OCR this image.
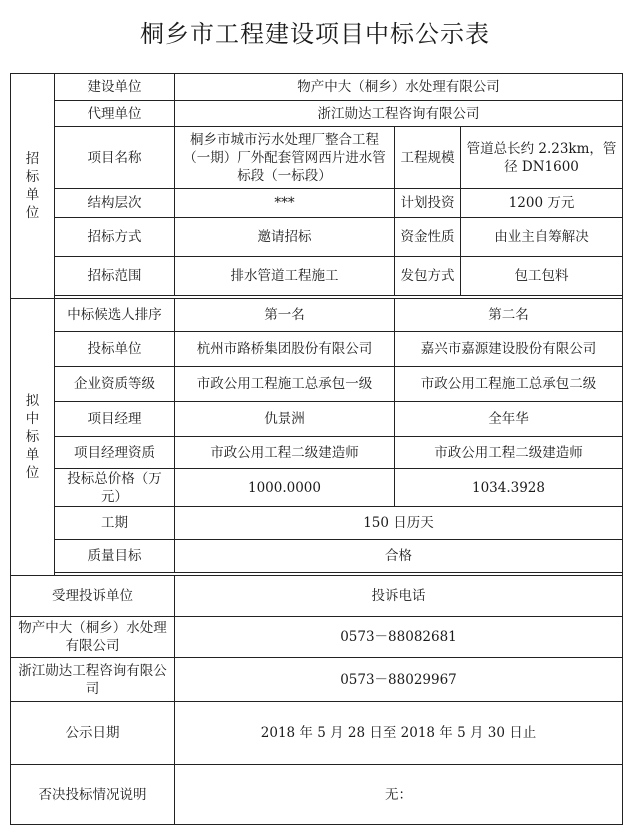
桐乡市工程建设项目中标公示表
招
标
单
位	建设单位	物产中大（桐乡）水处理有限公司		
	代理单位	浙江勋达工程咨询有限公司		
	项目名称	桐乡市城市污水处理厂整合工程（一期）厂外配套管网西片进水管标段（一标段）	工程规模	管道总长约 2.23km，管径 DN1600
	结构层次	***	计划投资	1200 万元
	招标方式	邀请招标	资金性质	由业主自筹解决
	招标范围	排水管道工程施工	发包方式	包工包料

拟
中
标
单
位	中标候选人排序	第一名	第二名	
	投标单位	杭州市路桥集团股份有限公司	嘉兴市嘉源建设股份有限公司	
	企业资质等级	市政公用工程施工总承包一级	市政公用工程施工总承包二级	
	项目经理	仇景洲	全年华	
	项目经理资质	市政公用工程二级建造师	市政公用工程二级建造师	
	投标总价格（万元）	1000.0000	1034.3928	
	工期	150 日历天		
	质量目标	合格		

受理投诉单位		投诉电话		
物产中大（桐乡）水处理有限公司		0573－88082681		
浙江勋达工程咨询有限公司		0573－88029967		
公示日期		2018 年 5 月 28 日至 2018 年 5 月 30 日止		
否决投标情况说明		无：		
